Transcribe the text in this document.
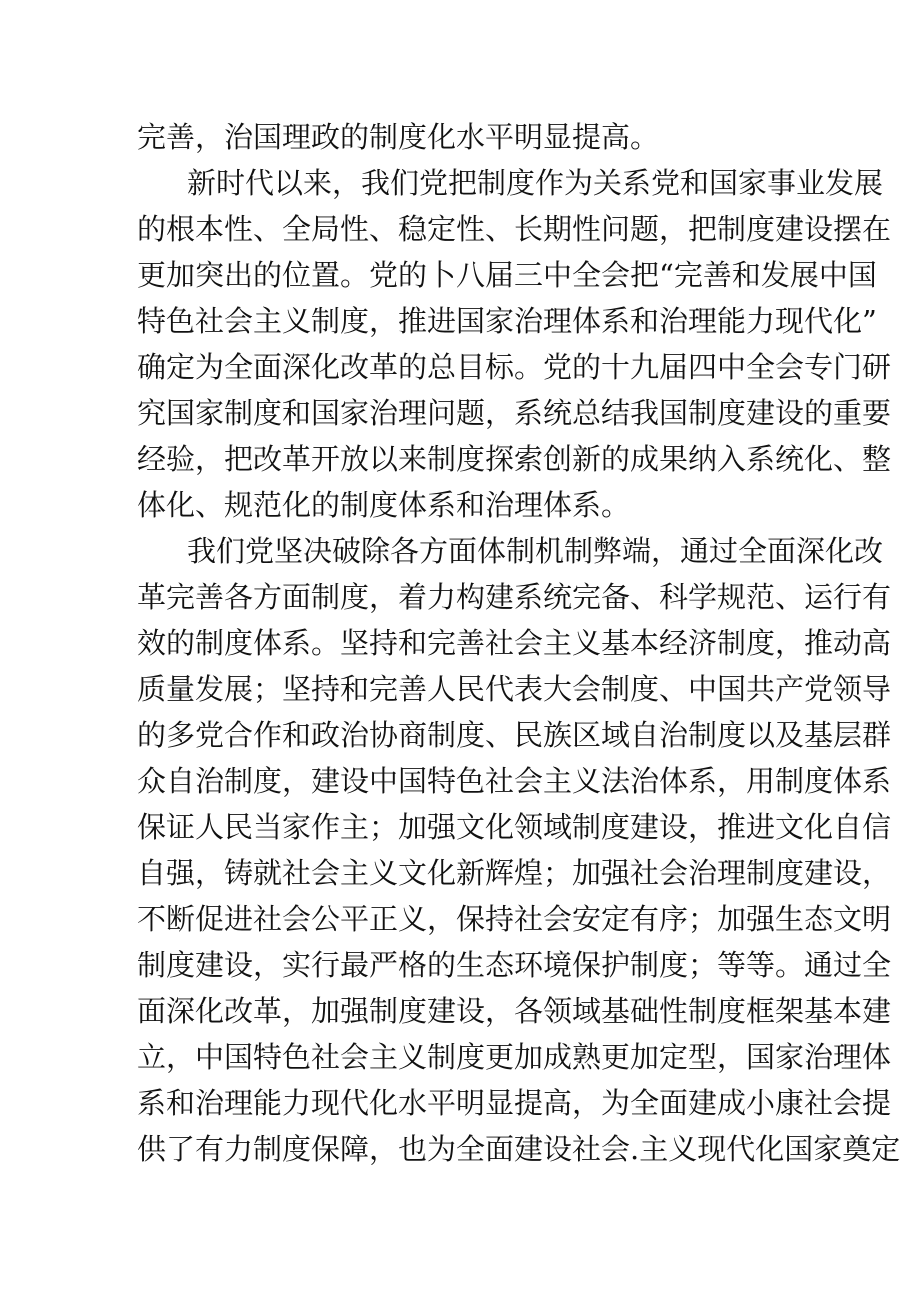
完善，治国理政的制度化水平明显提高。
新时代以来，我们党把制度作为关系党和国家事业发展
的根本性、全局性、稳定性、长期性问题，把制度建设摆在
更加突出的位置。党的卜八届三中全会把“完善和发展中国
特色社会主义制度，推进国家治理体系和治理能力现代化”
确定为全面深化改革的总目标。党的十九届四中全会专门研
究国家制度和国家治理问题，系统总结我国制度建设的重要
经验，把改革开放以来制度探索创新的成果纳入系统化、整
体化、规范化的制度体系和治理体系。
我们党坚决破除各方面体制机制弊端，通过全面深化改
革完善各方面制度，着力构建系统完备、科学规范、运行有
效的制度体系。坚持和完善社会主义基本经济制度，推动高
质量发展；坚持和完善人民代表大会制度、中国共产党领导
的多党合作和政治协商制度、民族区域自治制度以及基层群
众自治制度，建设中国特色社会主义法治体系，用制度体系
保证人民当家作主；加强文化领域制度建设，推进文化自信
自强，铸就社会主义文化新辉煌；加强社会治理制度建设，
不断促进社会公平正义，保持社会安定有序；加强生态文明
制度建设，实行最严格的生态环境保护制度；等等。通过全
面深化改革，加强制度建设，各领域基础性制度框架基本建
立，中国特色社会主义制度更加成熟更加定型，国家治理体
系和治理能力现代化水平明显提高，为全面建成小康社会提
供了有力制度保障，也为全面建设社会.主义现代化国家奠定
